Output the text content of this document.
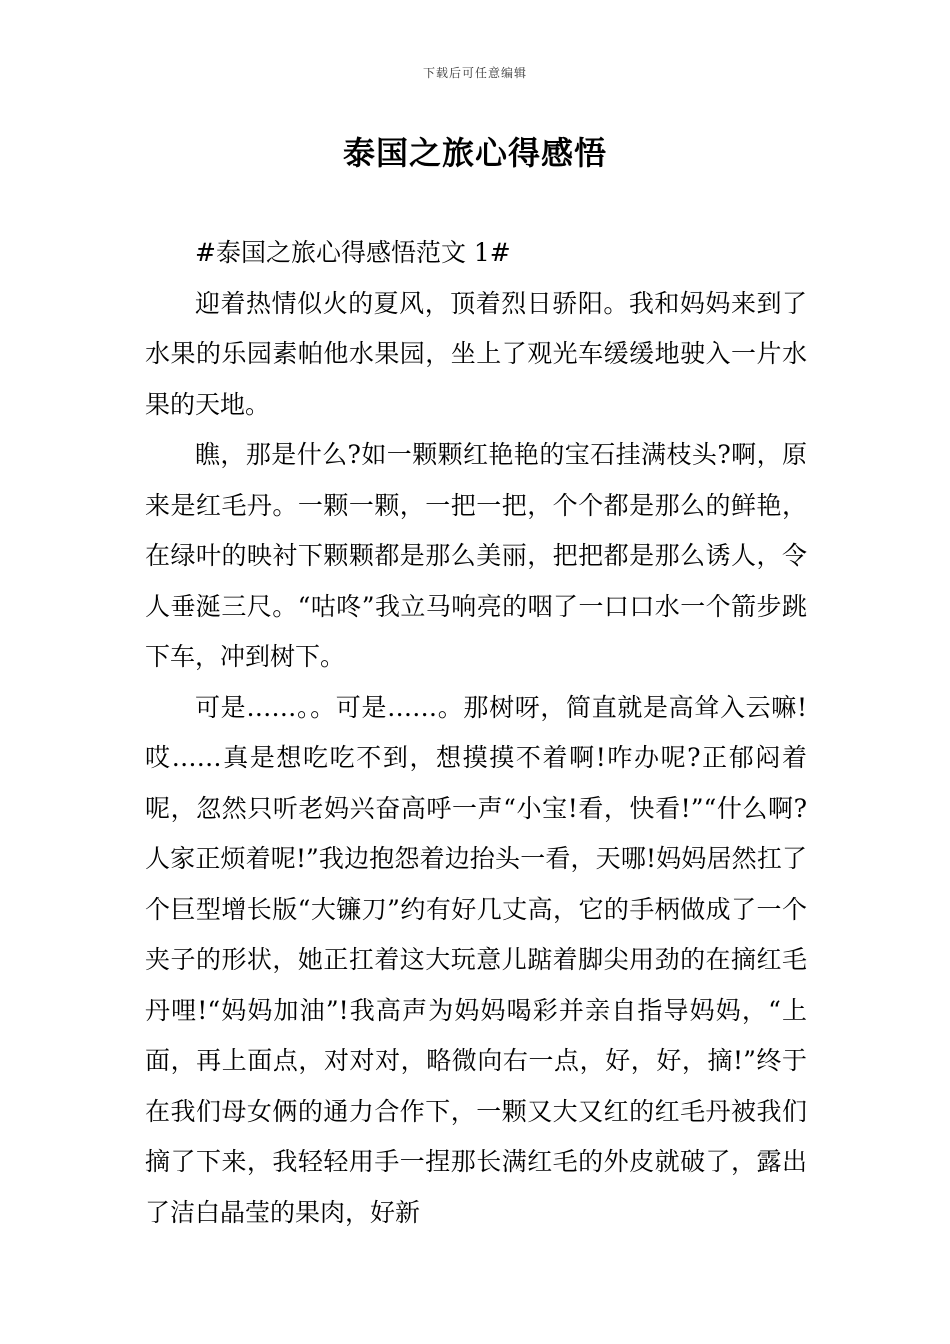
下载后可任意编辑
泰国之旅心得感悟

#泰国之旅心得感悟范文 1#

迎着热情似火的夏风，顶着烈日骄阳。我和妈妈来到了水果的乐园素帕他水果园，坐上了观光车缓缓地驶入一片水果的天地。

瞧，那是什么?如一颗颗红艳艳的宝石挂满枝头?啊，原来是红毛丹。一颗一颗，一把一把，个个都是那么的鲜艳，在绿叶的映衬下颗颗都是那么美丽，把把都是那么诱人，令人垂涎三尺。“咕咚”我立马响亮的咽了一口口水一个箭步跳下车，冲到树下。

可是……。。可是……。那树呀，简直就是高耸入云嘛!哎……真是想吃吃不到，想摸摸不着啊!咋办呢?正郁闷着呢，忽然只听老妈兴奋高呼一声“小宝!看，快看!”“什么啊?人家正烦着呢!”我边抱怨着边抬头一看，天哪!妈妈居然扛了个巨型增长版“大镰刀”约有好几丈高，它的手柄做成了一个夹子的形状，她正扛着这大玩意儿踮着脚尖用劲的在摘红毛丹哩!“妈妈加油”!我高声为妈妈喝彩并亲自指导妈妈，“上面，再上面点，对对对，略微向右一点，好，好，摘!”终于在我们母女俩的通力合作下，一颗又大又红的红毛丹被我们摘了下来，我轻轻用手一捏那长满红毛的外皮就破了，露出了洁白晶莹的果肉，好新
